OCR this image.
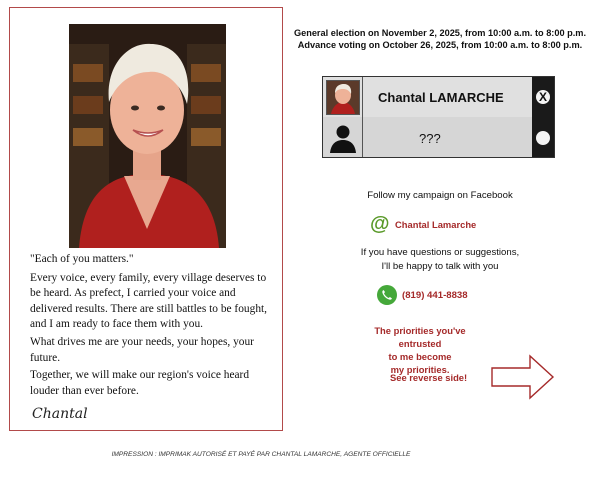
"Each of you matters."

Every voice, every family, every village deserves to be heard. As prefect, I carried your voice and delivered results. There are still battles to be fought, and I am ready to face them with you.

What drives me are your needs, your hopes, your future.

Together, we will make our region's voice heard louder than ever before.

Chantal
General election on November 2, 2025, from 10:00 a.m. to 8:00 p.m.
Advance voting on October 26, 2025, from 10:00 a.m. to 8:00 p.m.
Chantal LAMARCHE
???
X
Follow my campaign on Facebook
@ Chantal Lamarche
If you have questions or suggestions,
I'll be happy to talk with you
(819) 441-8838
The priorities you've entrusted
to me become
my priorities.
See reverse side!
IMPRESSION : IMPRIMAK AUTORISÉ ET PAYÉ PAR CHANTAL LAMARCHE, AGENTE OFFICIELLE
